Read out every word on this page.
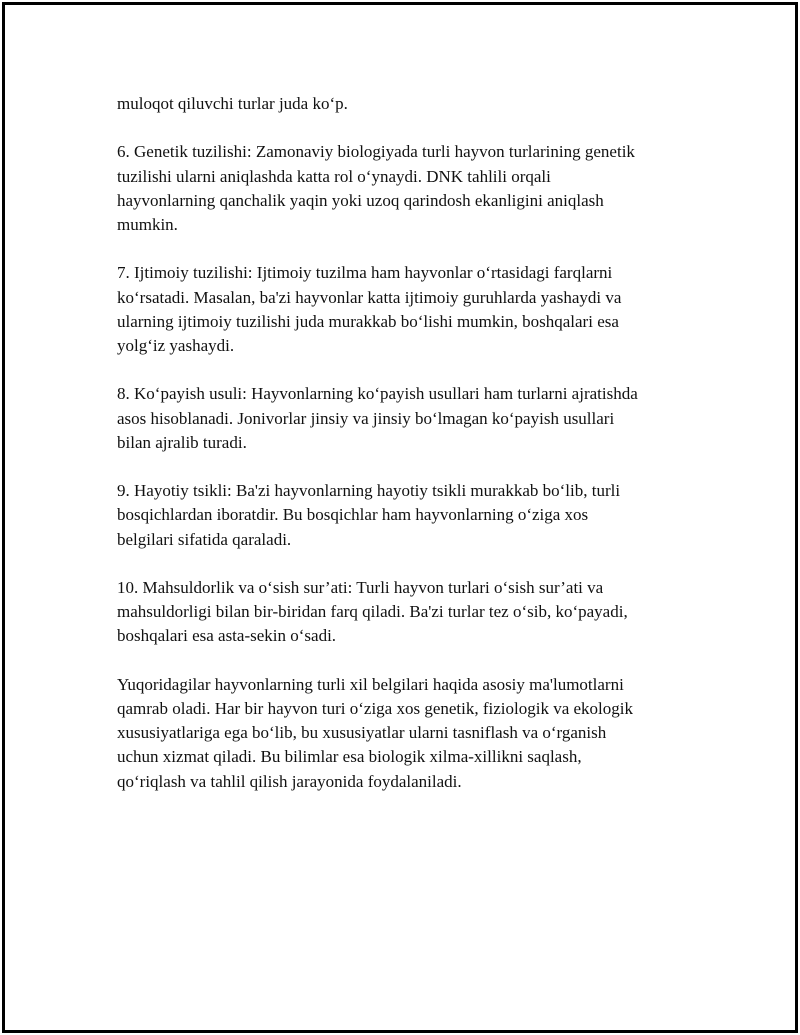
muloqot qiluvchi turlar juda ko‘p.

6. Genetik tuzilishi: Zamonaviy biologiyada turli hayvon turlarining genetik
tuzilishi ularni aniqlashda katta rol o‘ynaydi. DNK tahlili orqali
hayvonlarning qanchalik yaqin yoki uzoq qarindosh ekanligini aniqlash
mumkin.

7. Ijtimoiy tuzilishi: Ijtimoiy tuzilma ham hayvonlar o‘rtasidagi farqlarni
ko‘rsatadi. Masalan, ba'zi hayvonlar katta ijtimoiy guruhlarda yashaydi va
ularning ijtimoiy tuzilishi juda murakkab bo‘lishi mumkin, boshqalari esa
yolg‘iz yashaydi.

8. Ko‘payish usuli: Hayvonlarning ko‘payish usullari ham turlarni ajratishda
asos hisoblanadi. Jonivorlar jinsiy va jinsiy bo‘lmagan ko‘payish usullari
bilan ajralib turadi.

9. Hayotiy tsikli: Ba'zi hayvonlarning hayotiy tsikli murakkab bo‘lib, turli
bosqichlardan iboratdir. Bu bosqichlar ham hayvonlarning o‘ziga xos
belgilari sifatida qaraladi.

10. Mahsuldorlik va o‘sish sur’ati: Turli hayvon turlari o‘sish sur’ati va
mahsuldorligi bilan bir-biridan farq qiladi. Ba'zi turlar tez o‘sib, ko‘payadi,
boshqalari esa asta-sekin o‘sadi.

Yuqoridagilar hayvonlarning turli xil belgilari haqida asosiy ma'lumotlarni
qamrab oladi. Har bir hayvon turi o‘ziga xos genetik, fiziologik va ekologik
xususiyatlariga ega bo‘lib, bu xususiyatlar ularni tasniflash va o‘rganish
uchun xizmat qiladi. Bu bilimlar esa biologik xilma-xillikni saqlash,
qo‘riqlash va tahlil qilish jarayonida foydalaniladi.
